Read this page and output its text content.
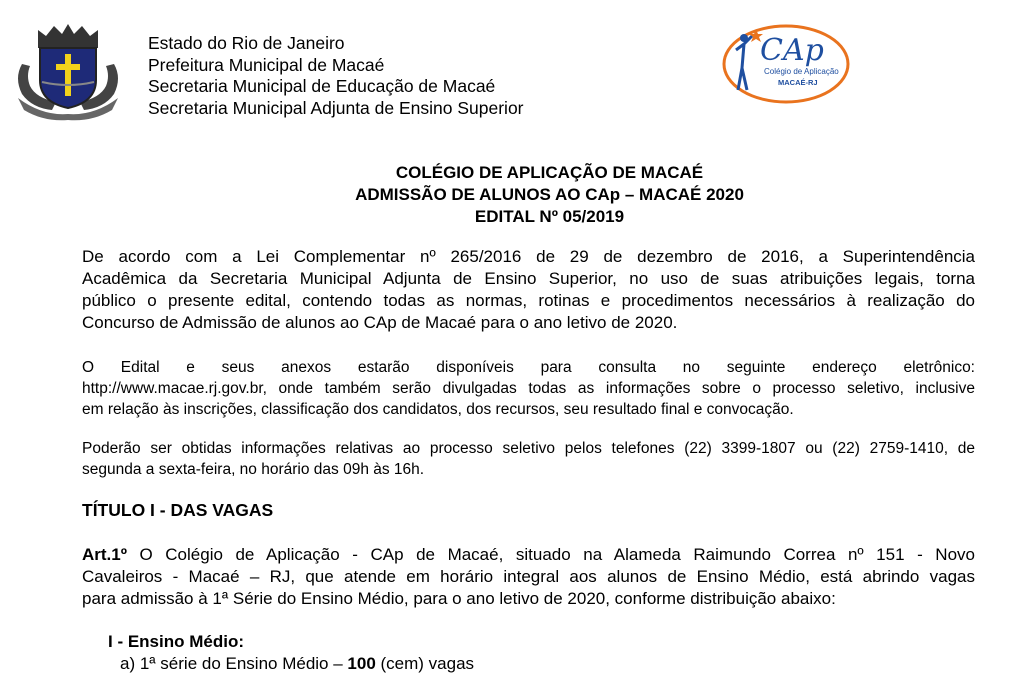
Estado do Rio de Janeiro
Prefeitura Municipal de Macaé
Secretaria Municipal de Educação de Macaé
Secretaria Municipal Adjunta de Ensino Superior
CAp
Colégio de Aplicação
MACAÉ-RJ
COLÉGIO DE APLICAÇÃO DE MACAÉ
ADMISSÃO DE ALUNOS AO CAp – MACAÉ 2020
EDITAL Nº 05/2019
De acordo com a Lei Complementar nº 265/2016 de 29 de dezembro de 2016, a Superintendência
Acadêmica da Secretaria Municipal Adjunta de Ensino Superior, no uso de suas atribuições legais, torna
público o presente edital, contendo todas as normas, rotinas e procedimentos necessários à realização do
Concurso de Admissão de alunos ao CAp de Macaé para o ano letivo de 2020.
O Edital e seus anexos estarão disponíveis para consulta no seguinte endereço eletrônico:
http://www.macae.rj.gov.br, onde também serão divulgadas todas as informações sobre o processo seletivo, inclusive
em relação às inscrições, classificação dos candidatos, dos recursos, seu resultado final e convocação.
Poderão ser obtidas informações relativas ao processo seletivo pelos telefones (22) 3399-1807 ou (22) 2759-1410, de
segunda a sexta-feira, no horário das 09h às 16h.
TÍTULO I - DAS VAGAS
Art.1º O Colégio de Aplicação - CAp de Macaé, situado na Alameda Raimundo Correa nº 151 - Novo
Cavaleiros - Macaé – RJ, que atende em horário integral aos alunos de Ensino Médio, está abrindo vagas
para admissão à 1ª Série do Ensino Médio, para o ano letivo de 2020, conforme distribuição abaixo:
I - Ensino Médio:
a) 1ª série do Ensino Médio – 100 (cem) vagas
